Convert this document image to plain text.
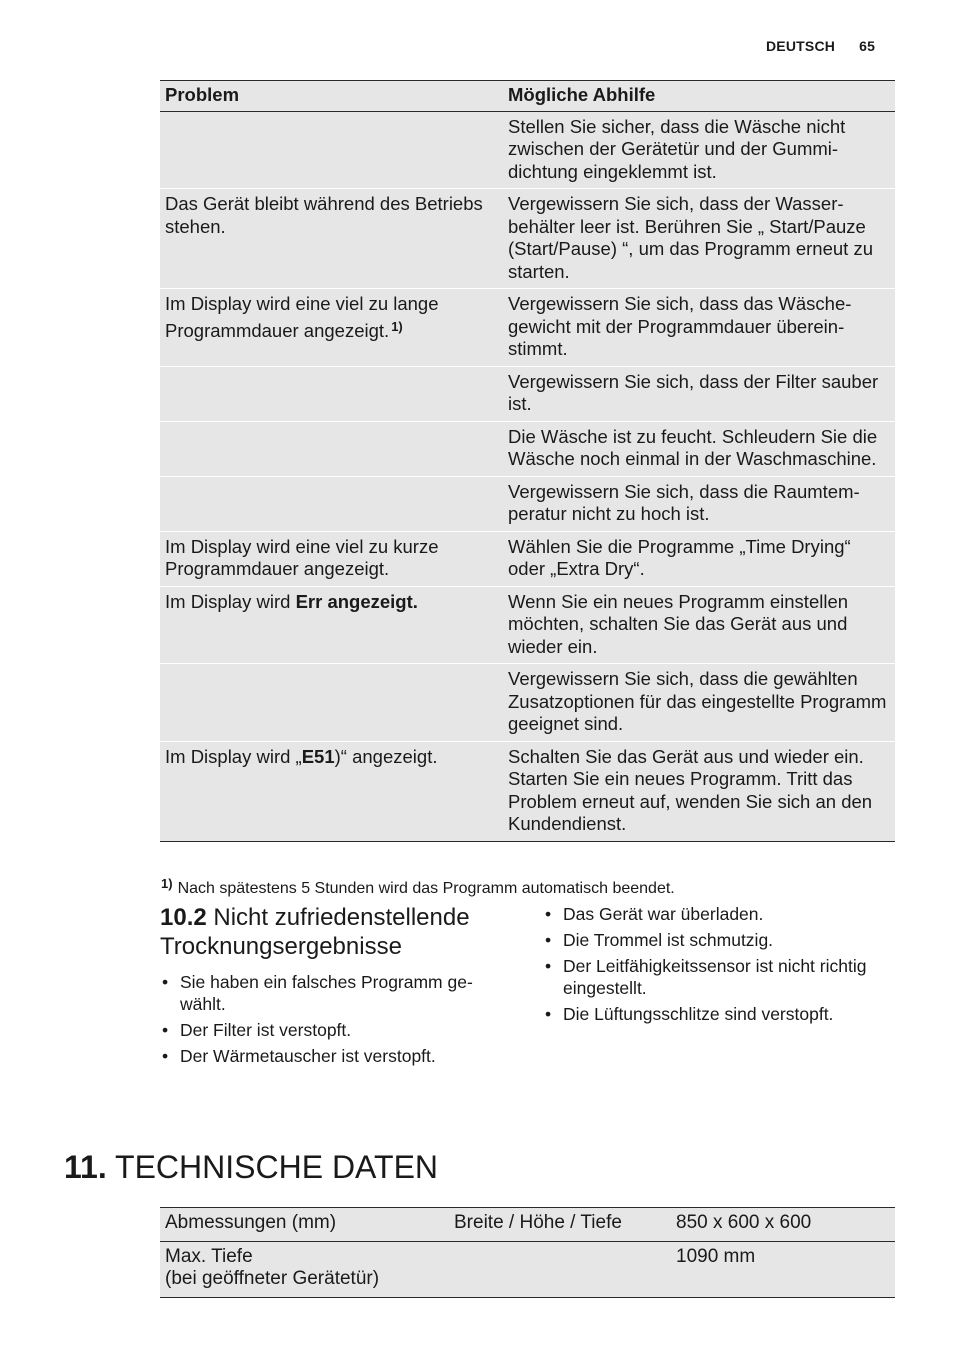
DEUTSCH 65
Problem	Mögliche Abhilfe
	Stellen Sie sicher, dass die Wäsche nicht zwischen der Gerätetür und der Gummidichtung eingeklemmt ist.
Das Gerät bleibt während des Betriebs stehen.	Vergewissern Sie sich, dass der Wasserbehälter leer ist. Berühren Sie „ Start/Pauze (Start/Pause) “, um das Programm erneut zu starten.
Im Display wird eine viel zu lange Programmdauer angezeigt. $^{1)}$	Vergewissern Sie sich, dass das Wäschegewicht mit der Programmdauer übereinstimmt.
	Vergewissern Sie sich, dass der Filter sauber ist.
	Die Wäsche ist zu feucht. Schleudern Sie die Wäsche noch einmal in der Waschmaschine.
	Vergewissern Sie sich, dass die Raumtemperatur nicht zu hoch ist.
Im Display wird eine viel zu kurze Programmdauer angezeigt.	Wählen Sie die Programme „Time Drying“ oder „Extra Dry“.
Im Display wird Err angezeigt.	Wenn Sie ein neues Programm einstellen möchten, schalten Sie das Gerät aus und wieder ein.
	Vergewissern Sie sich, dass die gewählten Zusatzoptionen für das eingestellte Programm geeignet sind.
Im Display wird „E51)“ angezeigt.	Schalten Sie das Gerät aus und wieder ein. Starten Sie ein neues Programm. Tritt das Problem erneut auf, wenden Sie sich an den Kundendienst.
$^{1)}$ Nach spätestens 5 Stunden wird das Programm automatisch beendet.
10.2 Nicht zufriedenstellende Trocknungsergebnisse
• Sie haben ein falsches Programm gewählt.
• Der Filter ist verstopft.
• Der Wärmetauscher ist verstopft.
• Das Gerät war überladen.
• Die Trommel ist schmutzig.
• Der Leitfähigkeitssensor ist nicht richtig eingestellt.
• Die Lüftungsschlitze sind verstopft.
11. TECHNISCHE DATEN
Abmessungen (mm)	Breite / Höhe / Tiefe	850 x 600 x 600
Max. Tiefe
(bei geöffneter Gerätetür)		1090 mm
